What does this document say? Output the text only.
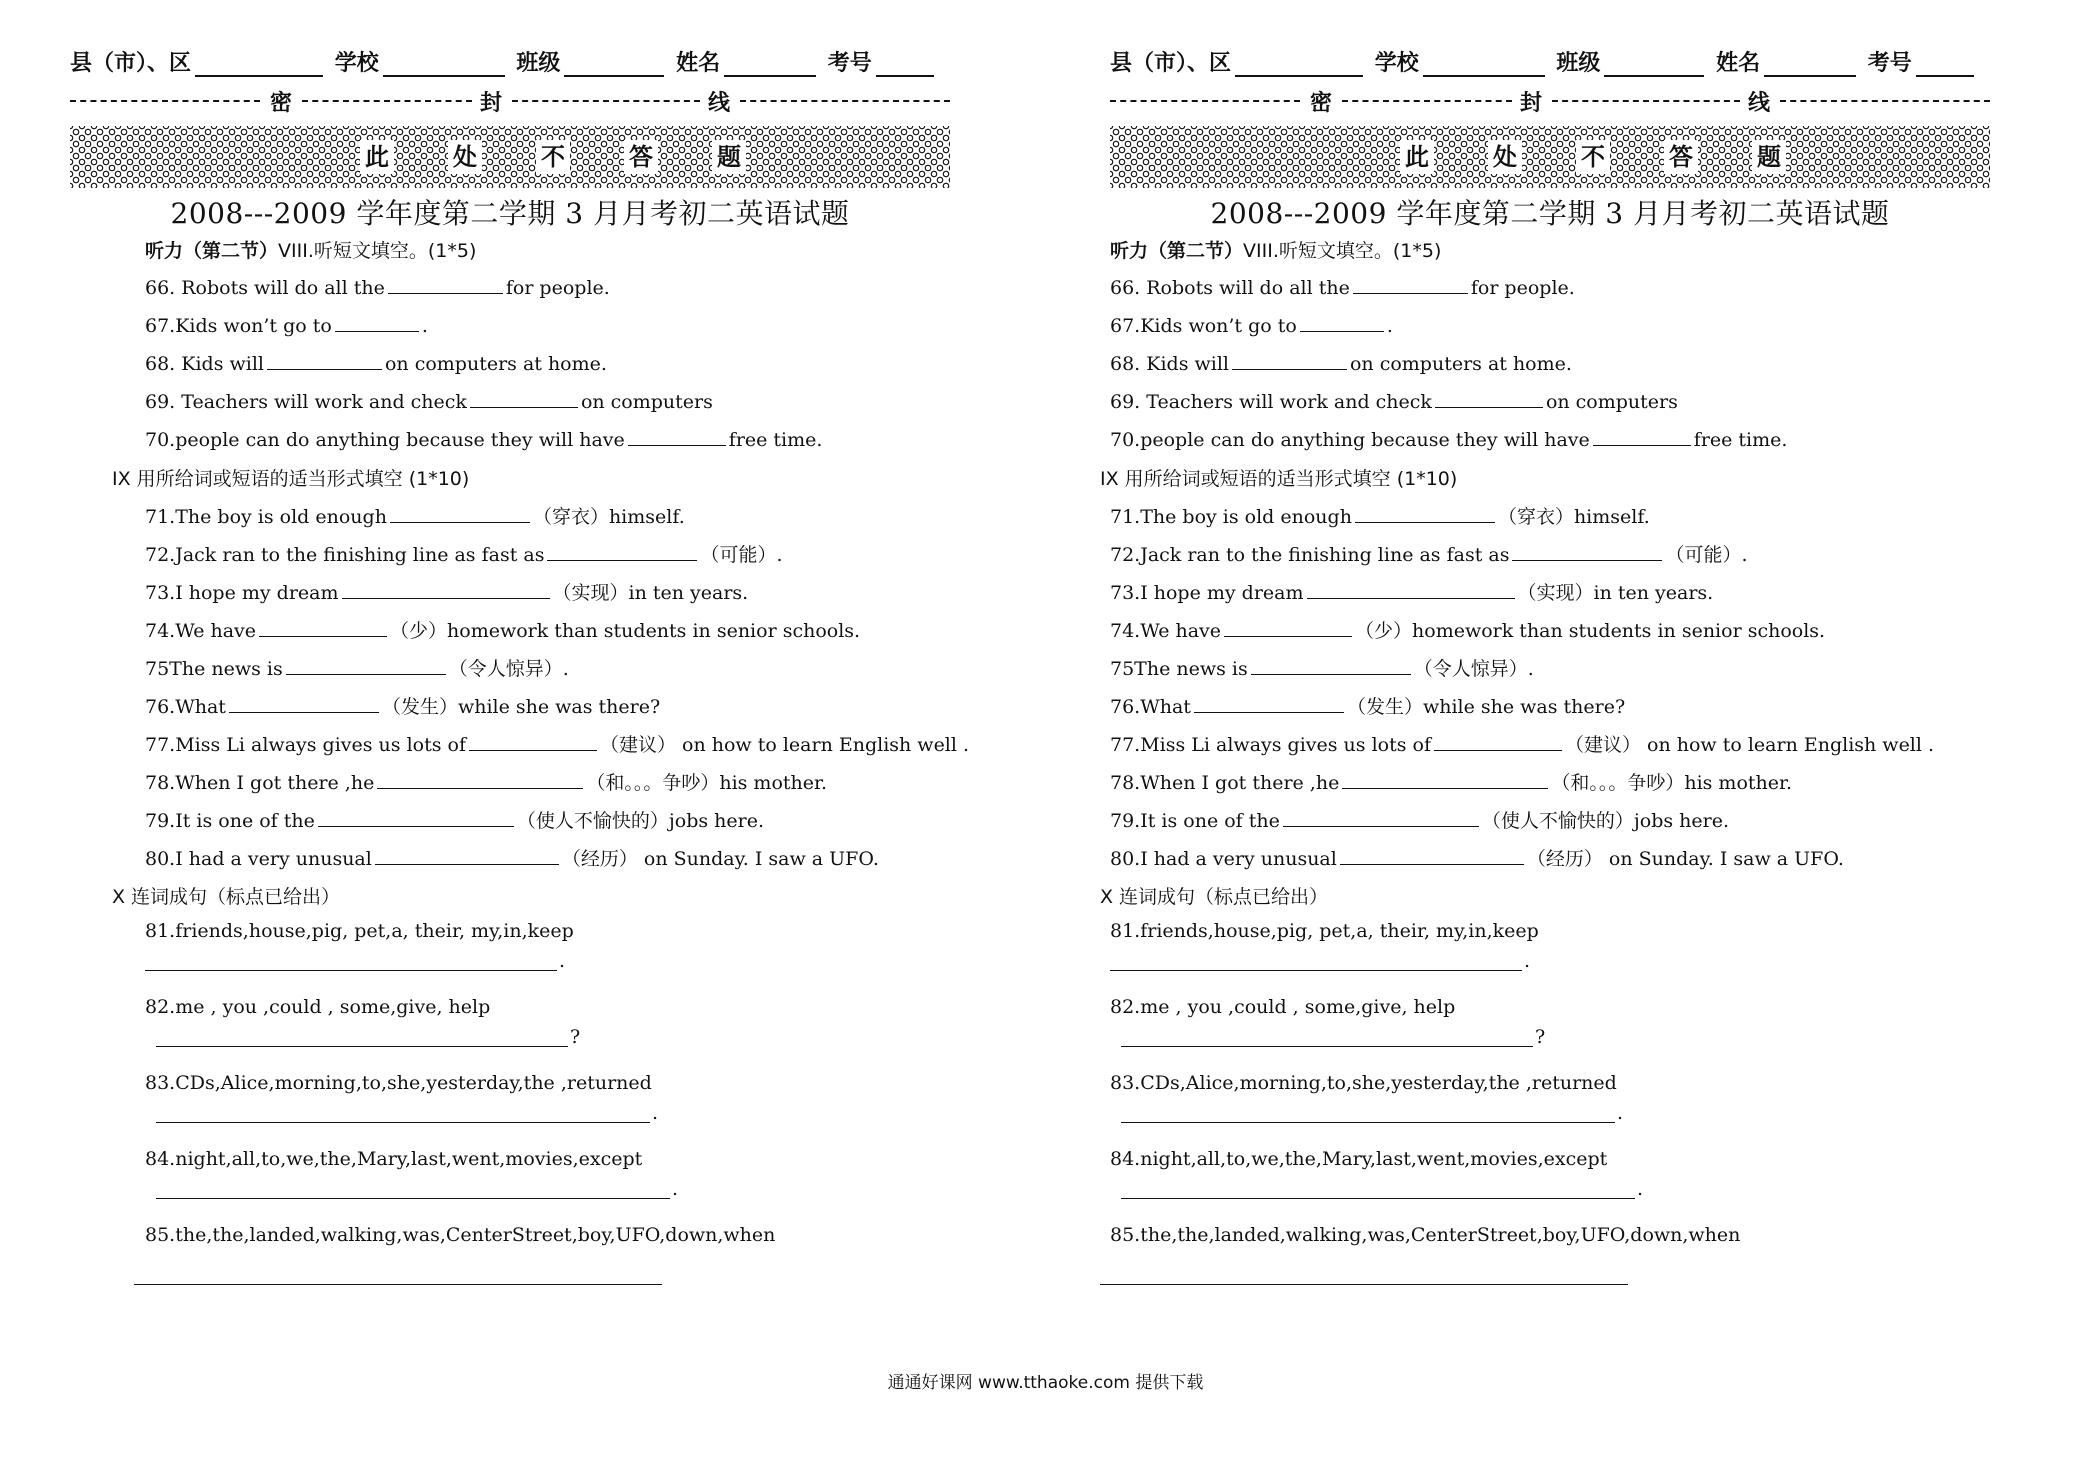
县（市）、区	学校	班级	姓名	考号
密	封	线
此	处	不	答	题
2008---2009 学年度第二学期 3 月月考初二英语试题
听力（第二节）VIII.听短文填空。(1*5)
66. Robots will do all the	for people.
67.Kids won’t go to	.
68. Kids will	on computers at home.
69. Teachers will work and check	on computers
70.people can do anything because they will have	free time.
IX 用所给词或短语的适当形式填空 (1*10)
71.The boy is old enough	（穿衣）himself.
72.Jack ran to the finishing line as fast as	（可能）.
73.I hope my dream	（实现）in ten years.
74.We have	（少）homework than students in senior schools.
75The news is	（令人惊异）.
76.What	（发生）while she was there?
77.Miss Li always gives us lots of	（建议） on how to learn English well .
78.When I got there ,he	（和。。。争吵）his mother.
79.It is one of the	（使人不愉快的）jobs here.
80.I had a very unusual	（经历） on Sunday. I saw a UFO.
X 连词成句（标点已给出）
81.friends,house,pig, pet,a, their, my,in,keep
.
82.me , you ,could , some,give, help
?
83.CDs,Alice,morning,to,she,yesterday,the ,returned
.
84.night,all,to,we,the,Mary,last,went,movies,except
.
85.the,the,landed,walking,was,CenterStreet,boy,UFO,down,when
县（市）、区	学校	班级	姓名	考号
密	封	线
此	处	不	答	题
2008---2009 学年度第二学期 3 月月考初二英语试题
听力（第二节）VIII.听短文填空。(1*5)
66. Robots will do all the	for people.
67.Kids won’t go to	.
68. Kids will	on computers at home.
69. Teachers will work and check	on computers
70.people can do anything because they will have	free time.
IX 用所给词或短语的适当形式填空 (1*10)
71.The boy is old enough	（穿衣）himself.
72.Jack ran to the finishing line as fast as	（可能）.
73.I hope my dream	（实现）in ten years.
74.We have	（少）homework than students in senior schools.
75The news is	（令人惊异）.
76.What	（发生）while she was there?
77.Miss Li always gives us lots of	（建议） on how to learn English well .
78.When I got there ,he	（和。。。争吵）his mother.
79.It is one of the	（使人不愉快的）jobs here.
80.I had a very unusual	（经历） on Sunday. I saw a UFO.
X 连词成句（标点已给出）
81.friends,house,pig, pet,a, their, my,in,keep
.
82.me , you ,could , some,give, help
?
83.CDs,Alice,morning,to,she,yesterday,the ,returned
.
84.night,all,to,we,the,Mary,last,went,movies,except
.
85.the,the,landed,walking,was,CenterStreet,boy,UFO,down,when
通通好课网 www.tthaoke.com 提供下载
